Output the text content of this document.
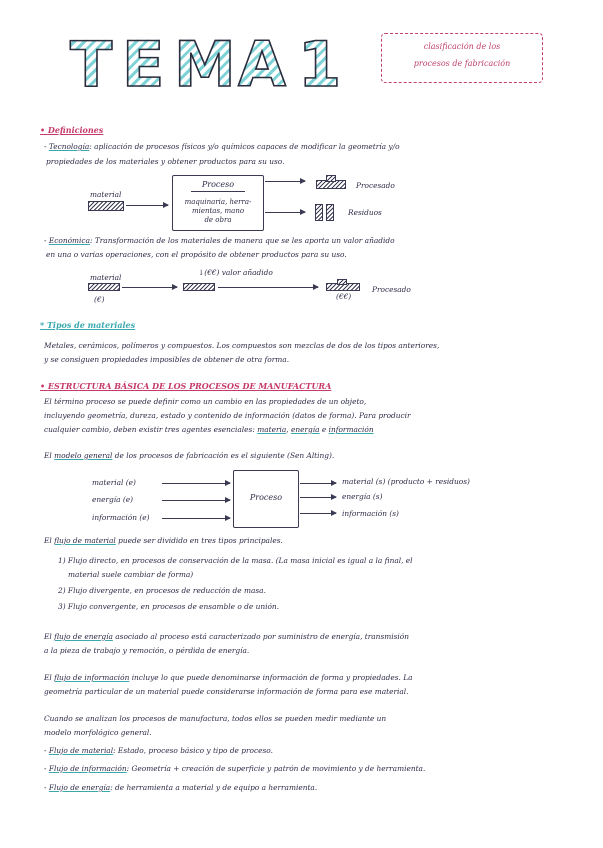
T E M A 1	clasificación de los
procesos de fabricación
• Definiciones
- Tecnología: aplicación de procesos físicos y/o químicos capaces de modificar la geometría y/o
propiedades de los materiales y obtener productos para su uso.
material
Proceso
maquinaria, herra-
mientas, mano
de obra
Procesado
Residuos
- Económica: Transformación de los materiales de manera que se les aporta un valor añadido
en una o varias operaciones, con el propósito de obtener productos para su uso.
material
(€)
↓(€€) valor añadido
(€€)
Procesado
* Tipos de materiales
Metales, cerámicos, polímeros y compuestos. Los compuestos son mezclas de dos de los tipos anteriores,
y se consiguen propiedades imposibles de obtener de otra forma.
• ESTRUCTURA BÁSICA DE LOS PROCESOS DE MANUFACTURA
El término proceso se puede definir como un cambio en las propiedades de un objeto,
incluyendo geometría, dureza, estado y contenido de información (datos de forma). Para producir
cualquier cambio, deben existir tres agentes esenciales: materia, energía e información
El modelo general de los procesos de fabricación es el siguiente (Sen Alting).
material (e)
energía (e)
información (e)
Proceso
material (s) (producto + residuos)
energía (s)
información (s)
El flujo de material puede ser dividido en tres tipos principales.
1) Flujo directo, en procesos de conservación de la masa. (La masa inicial es igual a la final, el
material suele cambiar de forma)
2) Flujo divergente, en procesos de reducción de masa.
3) Flujo convergente, en procesos de ensamble o de unión.
El flujo de energía asociado al proceso está caracterizado por suministro de energía, transmisión
a la pieza de trabajo y remoción, o pérdida de energía.
El flujo de información incluye lo que puede denominarse información de forma y propiedades. La
geometría particular de un material puede considerarse información de forma para ese material.
Cuando se analizan los procesos de manufactura, todos ellos se pueden medir mediante un
modelo morfológico general.
- Flujo de material: Estado, proceso básico y tipo de proceso.
- Flujo de información: Geometría + creación de superficie y patrón de movimiento y de herramienta.
- Flujo de energía: de herramienta a material y de equipo a herramienta.
